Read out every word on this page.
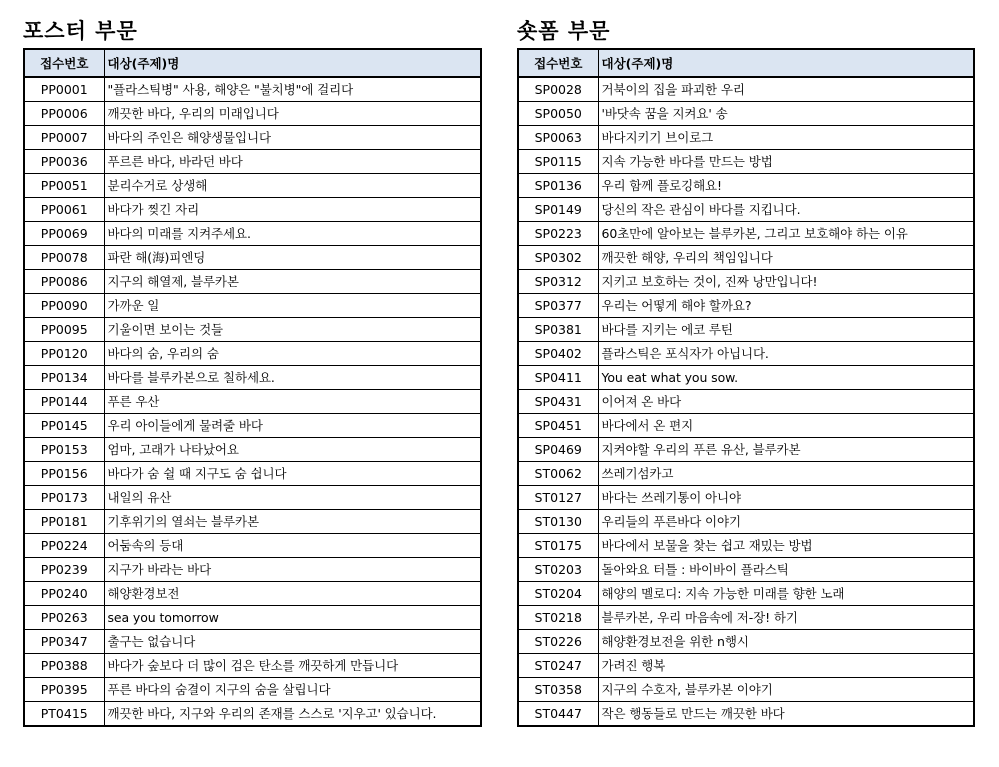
포스터 부문
접수번호	대상(주제)명
PP0001	"플라스틱병" 사용, 해양은 "불치병"에 걸리다
PP0006	깨끗한 바다, 우리의 미래입니다
PP0007	바다의 주인은 해양생물입니다
PP0036	푸르른 바다, 바라던 바다
PP0051	분리수거로 상생해
PP0061	바다가 찢긴 자리
PP0069	바다의 미래를 지켜주세요.
PP0078	파란 해(海)피엔딩
PP0086	지구의 해열제, 블루카본
PP0090	가까운 일
PP0095	기울이면 보이는 것들
PP0120	바다의 숨, 우리의 숨
PP0134	바다를 블루카본으로 칠하세요.
PP0144	푸른 우산
PP0145	우리 아이들에게 물려줄 바다
PP0153	엄마, 고래가 나타났어요
PP0156	바다가 숨 쉴 때 지구도 숨 쉽니다
PP0173	내일의 유산
PP0181	기후위기의 열쇠는 블루카본
PP0224	어둠속의 등대
PP0239	지구가 바라는 바다
PP0240	해양환경보전
PP0263	sea you tomorrow
PP0347	출구는 없습니다
PP0388	바다가 숲보다 더 많이 검은 탄소를 깨끗하게 만듭니다
PP0395	푸른 바다의 숨결이 지구의 숨을 살립니다
PT0415	깨끗한 바다, 지구와 우리의 존재를 스스로 '지우고' 있습니다.
숏폼 부문
접수번호	대상(주제)명
SP0028	거북이의 집을 파괴한 우리
SP0050	'바닷속 꿈을 지켜요' 송
SP0063	바다지키기 브이로그
SP0115	지속 가능한 바다를 만드는 방법
SP0136	우리 함께 플로깅해요!
SP0149	당신의 작은 관심이 바다를 지킵니다.
SP0223	60초만에 알아보는 블루카본, 그리고 보호해야 하는 이유
SP0302	깨끗한 해양, 우리의 책임입니다
SP0312	지키고 보호하는 것이, 진짜 낭만입니다!
SP0377	우리는 어떻게 해야 할까요?
SP0381	바다를 지키는 에코 루틴
SP0402	플라스틱은 포식자가 아닙니다.
SP0411	You eat what you sow.
SP0431	이어져 온 바다
SP0451	바다에서 온 편지
SP0469	지켜야할 우리의 푸른 유산, 블루카본
ST0062	쓰레기섬카고
ST0127	바다는 쓰레기통이 아니야
ST0130	우리들의 푸른바다 이야기
ST0175	바다에서 보물을 찾는 쉽고 재밌는 방법
ST0203	돌아와요 터틀 : 바이바이 플라스틱
ST0204	해양의 멜로디: 지속 가능한 미래를 향한 노래
ST0218	블루카본, 우리 마음속에 저-장! 하기
ST0226	해양환경보전을 위한 n행시
ST0247	가려진 행복
ST0358	지구의 수호자, 블루카본 이야기
ST0447	작은 행동들로 만드는 깨끗한 바다
